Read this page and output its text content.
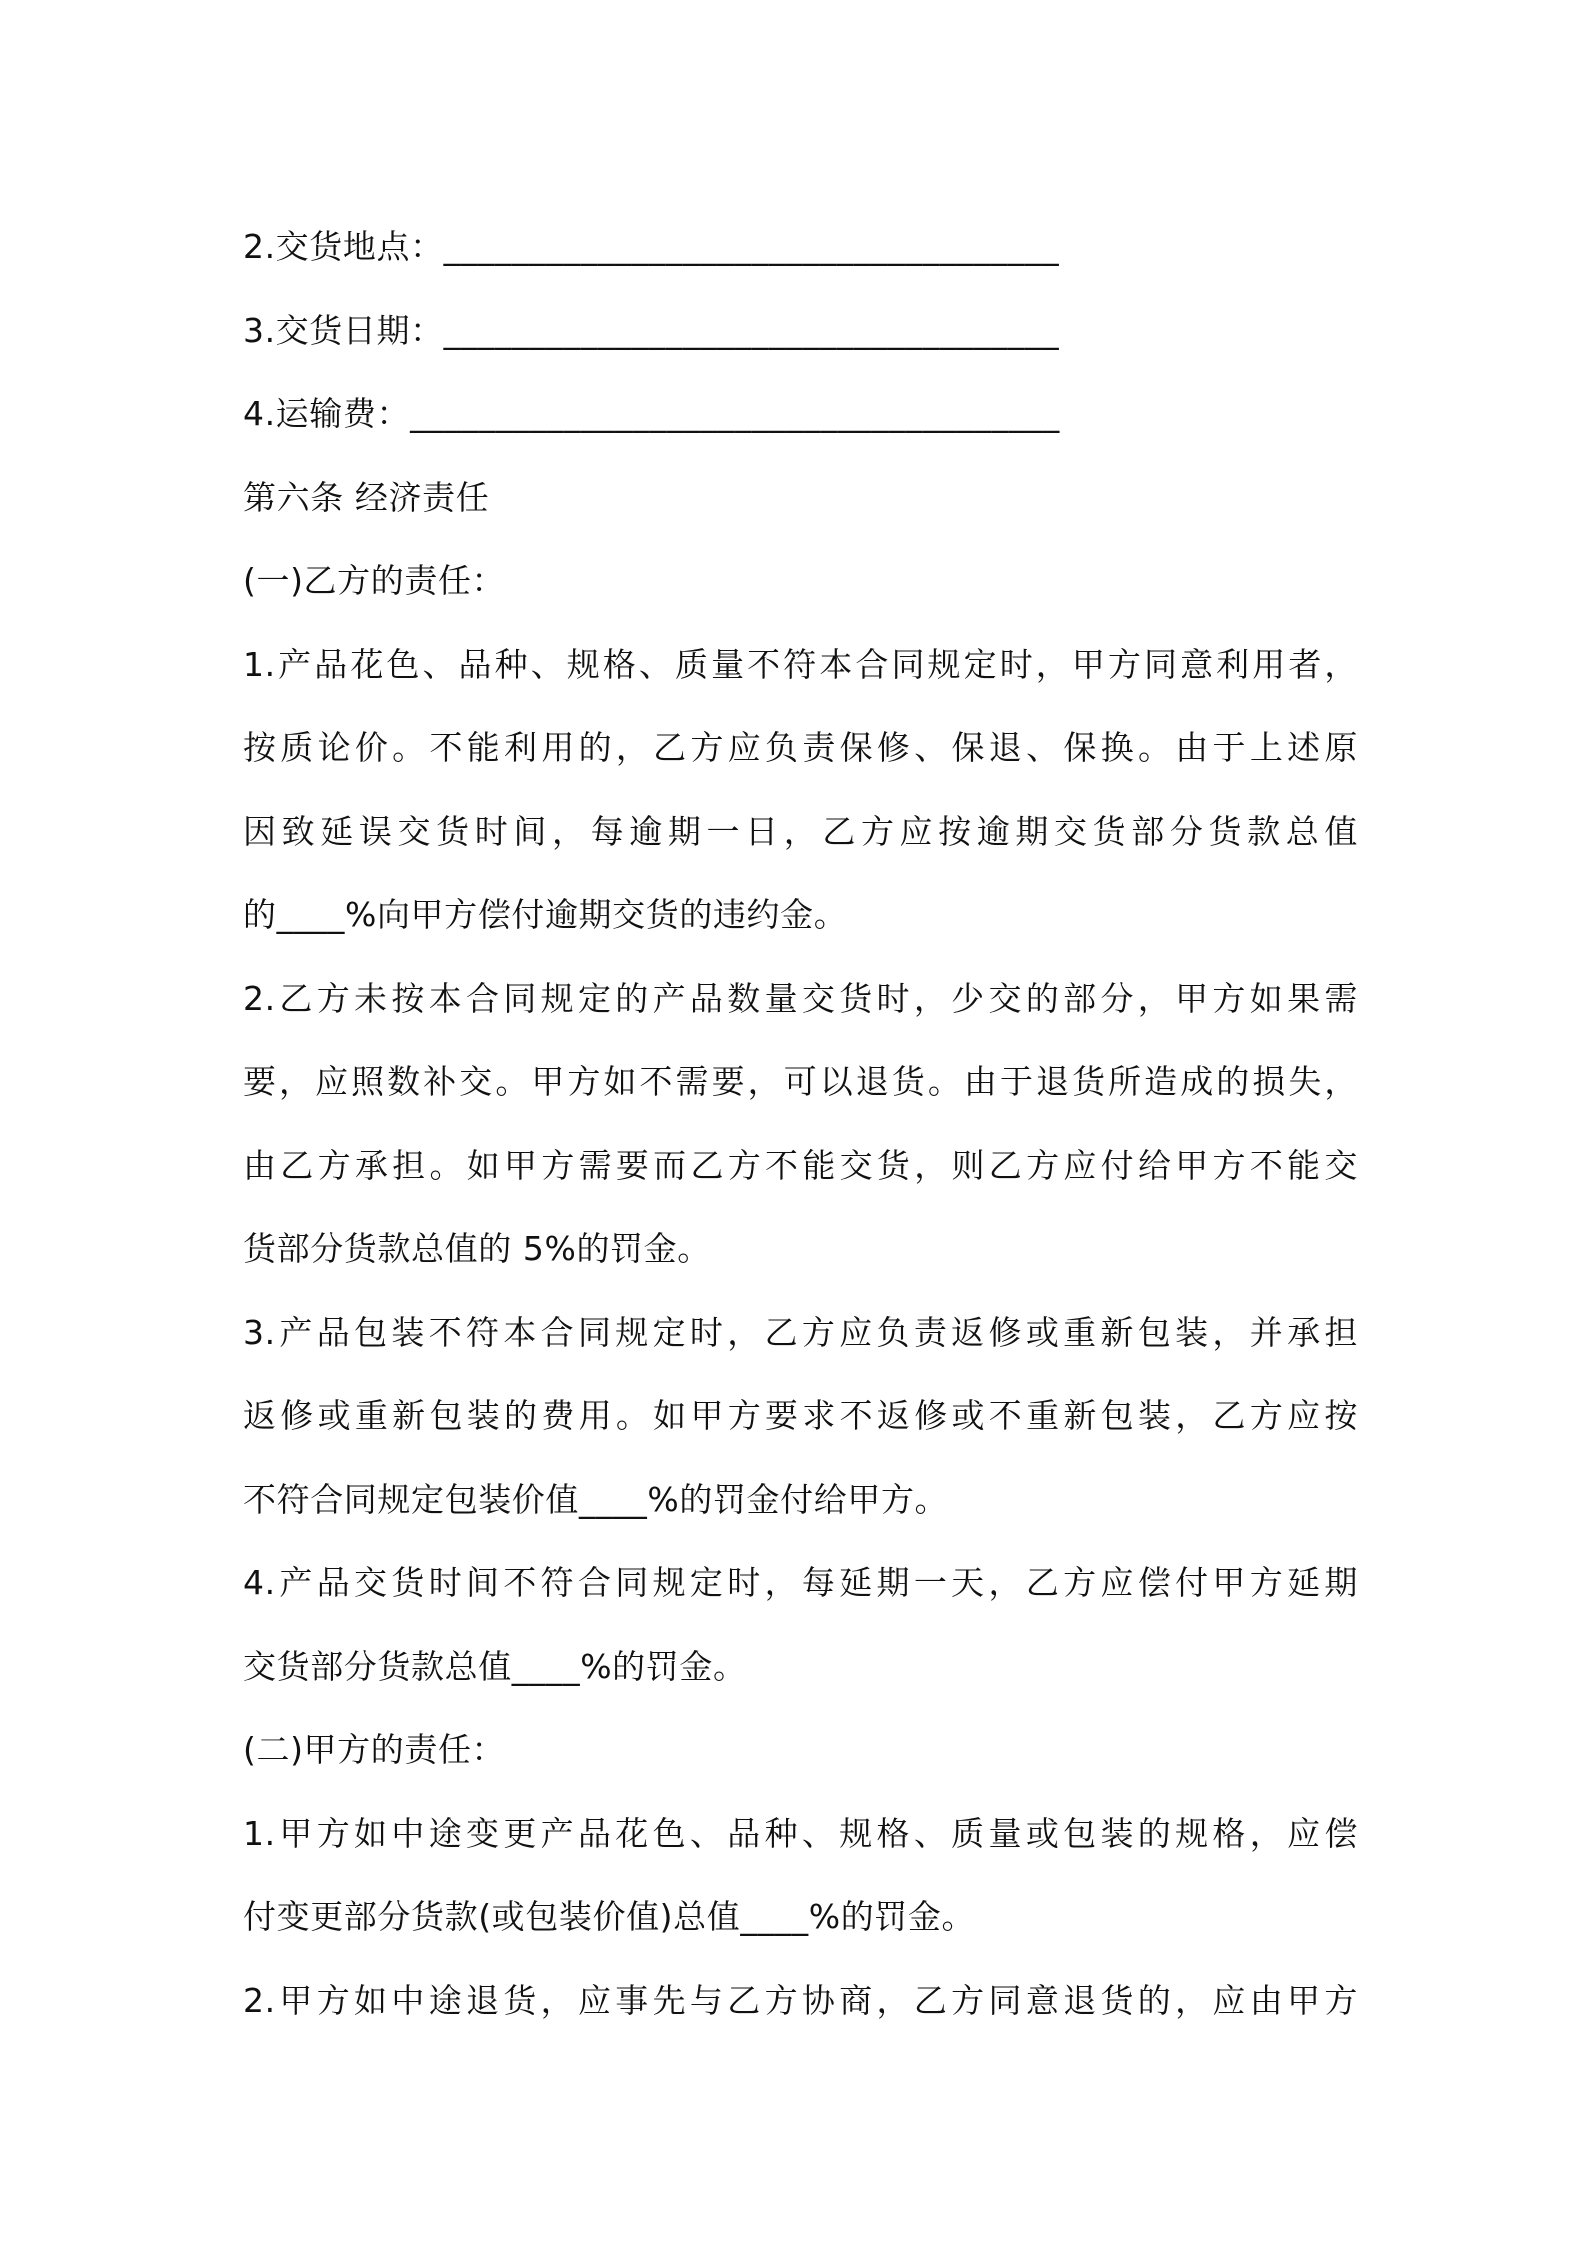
2.交货地点：____________________________________
3.交货日期：____________________________________
4.运输费：______________________________________
第六条 经济责任
(一)乙方的责任：
1.产品花色、品种、规格、质量不符本合同规定时，甲方同意利用者，
按质论价。不能利用的，乙方应负责保修、保退、保换。由于上述原
因致延误交货时间，每逾期一日，乙方应按逾期交货部分货款总值
的____%向甲方偿付逾期交货的违约金。
2.乙方未按本合同规定的产品数量交货时，少交的部分，甲方如果需
要，应照数补交。甲方如不需要，可以退货。由于退货所造成的损失，
由乙方承担。如甲方需要而乙方不能交货，则乙方应付给甲方不能交
货部分货款总值的 5%的罚金。
3.产品包装不符本合同规定时，乙方应负责返修或重新包装，并承担
返修或重新包装的费用。如甲方要求不返修或不重新包装，乙方应按
不符合同规定包装价值____%的罚金付给甲方。
4.产品交货时间不符合同规定时，每延期一天，乙方应偿付甲方延期
交货部分货款总值____%的罚金。
(二)甲方的责任：
1.甲方如中途变更产品花色、品种、规格、质量或包装的规格，应偿
付变更部分货款(或包装价值)总值____%的罚金。
2.甲方如中途退货，应事先与乙方协商，乙方同意退货的，应由甲方
